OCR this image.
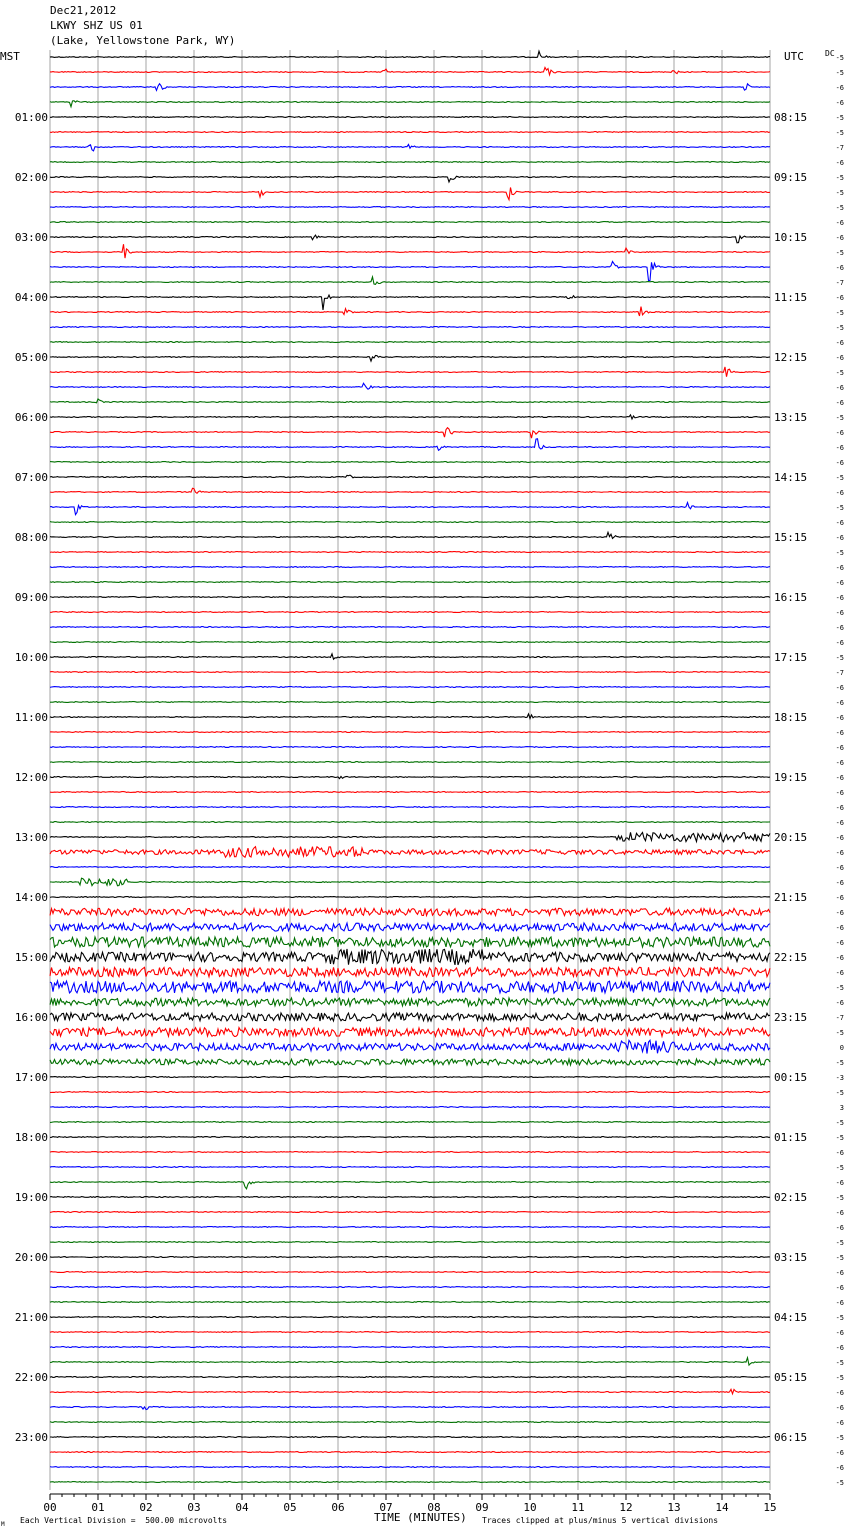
Dec21,2012
LKWY SHZ US 01
(Lake, Yellowstone Park, WY)
MST	UTC	DC
00	01	02	03	04	05	06	07	08	09	10	11	12	13	14	15
01:00
02:00
03:00
04:00
05:00
06:00
07:00
08:00
09:00
10:00
11:00
12:00
13:00
14:00
15:00
16:00
17:00
18:00
19:00
20:00
21:00
22:00
23:00
08:15
09:15
10:15
11:15
12:15
13:15
14:15
15:15
16:15
17:15
18:15
19:15
20:15
21:15
22:15
23:15
00:15
01:15
02:15
03:15
04:15
05:15
06:15
-5
-5
-6
-6
-5
-5
-7
-6
-5
-5
-5
-6
-6
-5
-6
-7
-6
-5
-5
-6
-6
-5
-6
-6
-5
-6
-6
-6
-5
-6
-5
-6
-6
-5
-6
-6
-6
-6
-6
-6
-5
-7
-6
-6
-6
-6
-6
-6
-6
-6
-6
-6
-6
-6
-6
-6
-6
-6
-6
-6
-6
-6
-5
-6
-7
-5
0
-5
-3
-5
3
-5
-5
-6
-5
-6
-5
-6
-6
-5
-5
-6
-6
-6
-5
-6
-6
-5
-5
-6
-6
-6
-5
-6
-6
-5
TIME (MINUTES)
Each Vertical Division =  500.00 microvolts	Traces clipped at plus/minus 5 vertical divisions
M
